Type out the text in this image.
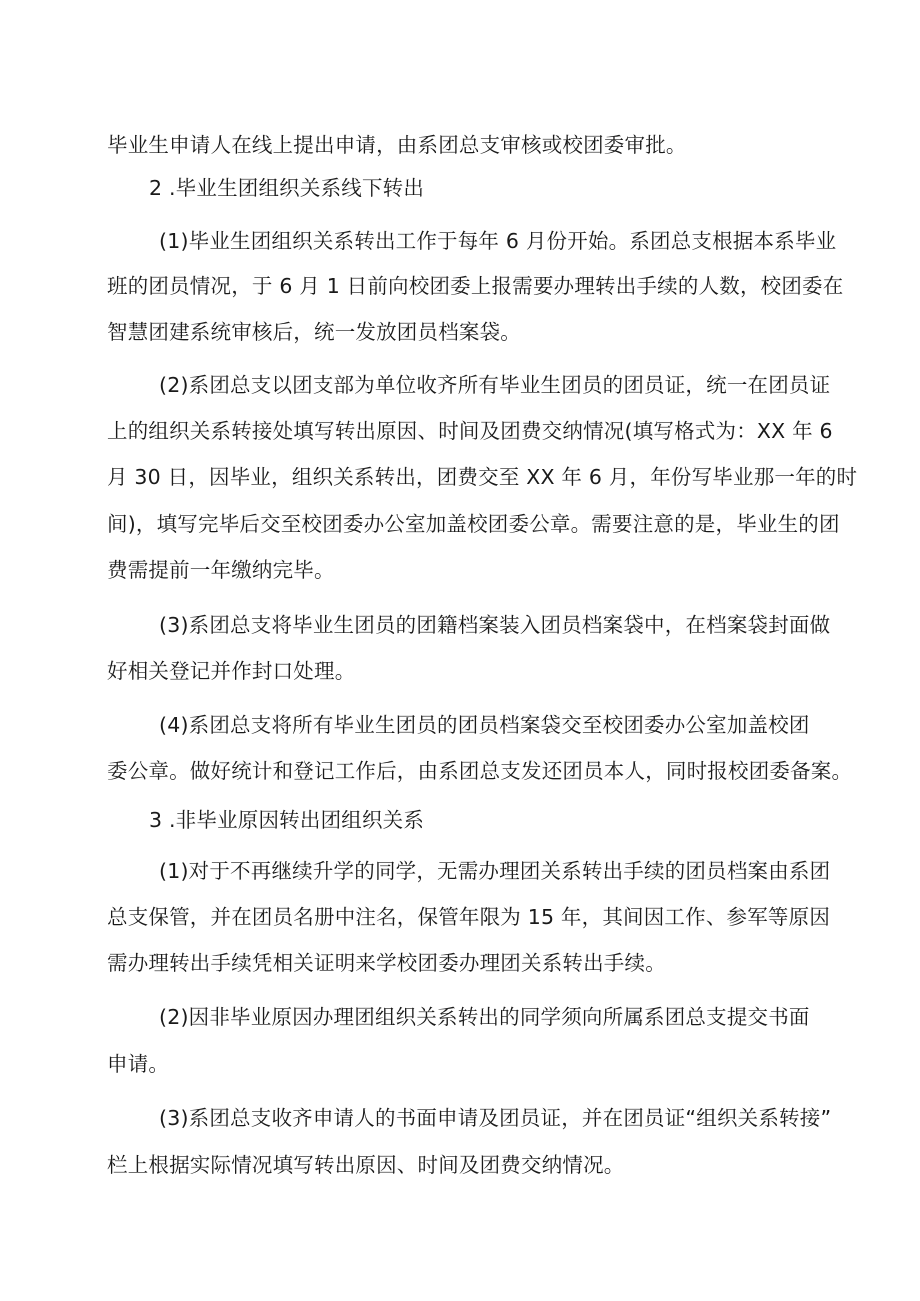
毕业生申请人在线上提出申请，由系团总支审核或校团委审批。
2 .毕业生团组织关系线下转出
(1)毕业生团组织关系转出工作于每年 6 月份开始。系团总支根据本系毕业
班的团员情况，于 6 月 1 日前向校团委上报需要办理转出手续的人数，校团委在
智慧团建系统审核后，统一发放团员档案袋。
(2)系团总支以团支部为单位收齐所有毕业生团员的团员证，统一在团员证
上的组织关系转接处填写转出原因、时间及团费交纳情况(填写格式为：XX 年 6
月 30 日，因毕业，组织关系转出，团费交至 XX 年 6 月，年份写毕业那一年的时
间)，填写完毕后交至校团委办公室加盖校团委公章。需要注意的是，毕业生的团
费需提前一年缴纳完毕。
(3)系团总支将毕业生团员的团籍档案装入团员档案袋中，在档案袋封面做
好相关登记并作封口处理。
(4)系团总支将所有毕业生团员的团员档案袋交至校团委办公室加盖校团
委公章。做好统计和登记工作后，由系团总支发还团员本人，同时报校团委备案。
3 .非毕业原因转出团组织关系
(1)对于不再继续升学的同学，无需办理团关系转出手续的团员档案由系团
总支保管，并在团员名册中注名，保管年限为 15 年，其间因工作、参军等原因
需办理转出手续凭相关证明来学校团委办理团关系转出手续。
(2)因非毕业原因办理团组织关系转出的同学须向所属系团总支提交书面
申请。
(3)系团总支收齐申请人的书面申请及团员证，并在团员证“组织关系转接”
栏上根据实际情况填写转出原因、时间及团费交纳情况。
